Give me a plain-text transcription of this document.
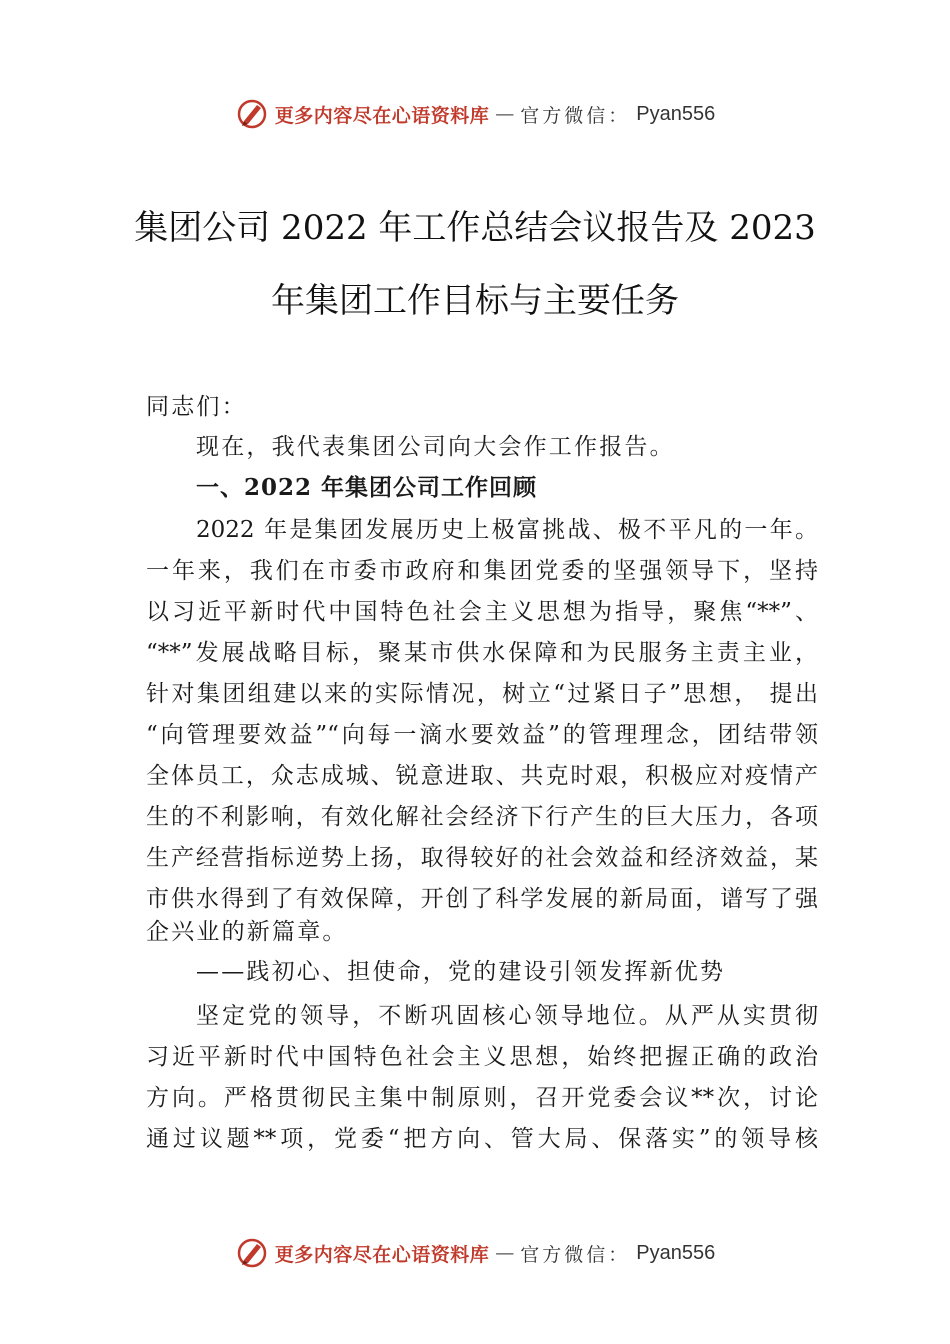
更多内容尽在心语资料库 — 官方微信： Pyan556
集团公司 2022 年工作总结会议报告及 2023
年集团工作目标与主要任务
同志们：
现在，我代表集团公司向大会作工作报告。
一、2022 年集团公司工作回顾
2022 年是集团发展历史上极富挑战、极不平凡的一年。
一年来，我们在市委市政府和集团党委的坚强领导下，坚持
以习近平新时代中国特色社会主义思想为指导，聚焦“**”、
“**”发展战略目标，聚某市供水保障和为民服务主责主业，
针对集团组建以来的实际情况，树立“过紧日子”思想， 提出
“向管理要效益”“向每一滴水要效益”的管理理念，团结带领
全体员工，众志成城、锐意进取、共克时艰，积极应对疫情产
生的不利影响，有效化解社会经济下行产生的巨大压力，各项
生产经营指标逆势上扬，取得较好的社会效益和经济效益，某
市供水得到了有效保障，开创了科学发展的新局面，谱写了强
企兴业的新篇章。
——践初心、担使命，党的建设引领发挥新优势
坚定党的领导，不断巩固核心领导地位。从严从实贯彻
习近平新时代中国特色社会主义思想，始终把握正确的政治
方向。严格贯彻民主集中制原则，召开党委会议**次，讨论
通过议题**项，党委“把方向、管大局、保落实”的领导核
更多内容尽在心语资料库 — 官方微信： Pyan556
